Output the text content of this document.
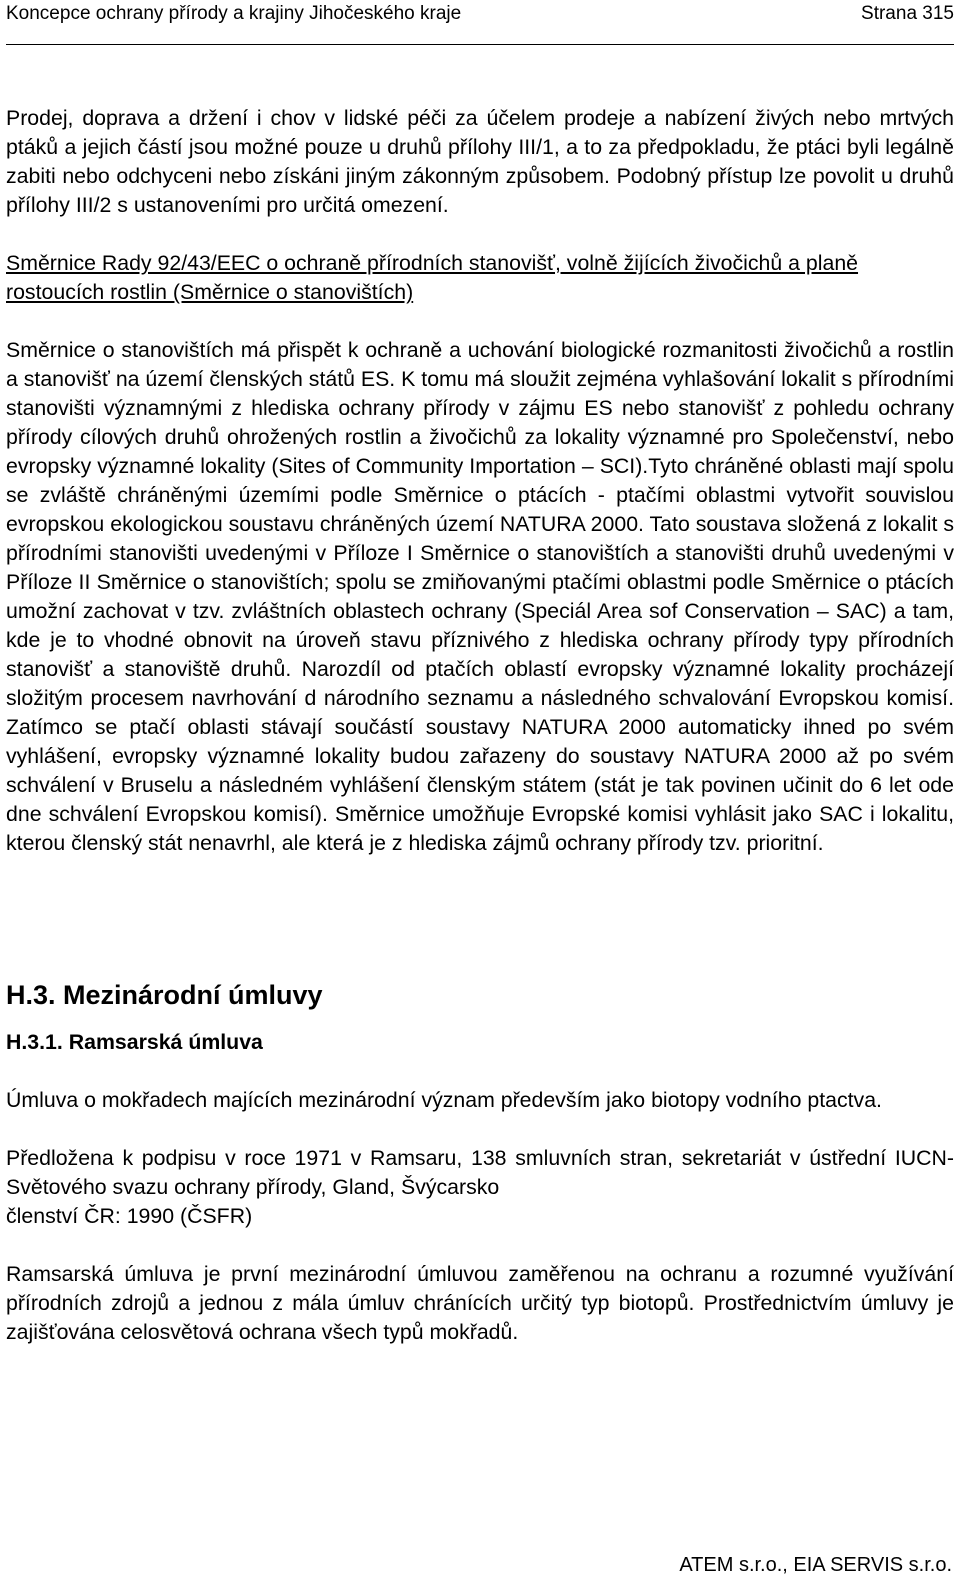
Koncepce ochrany přírody a krajiny Jihočeského kraje	Strana 315

Prodej, doprava a držení i chov v lidské péči za účelem prodeje a nabízení živých nebo mrtvých ptáků a jejich částí jsou možné pouze u druhů přílohy III/1, a to za předpokladu, že ptáci byli legálně zabiti nebo odchyceni nebo získáni jiným zákonným způsobem. Podobný přístup lze povolit u druhů přílohy III/2 s ustanoveními pro určitá omezení.

Směrnice Rady 92/43/EEC o ochraně přírodních stanovišť, volně žijících živočichů a planě rostoucích rostlin (Směrnice o stanovištích)

Směrnice o stanovištích má přispět k ochraně a uchování biologické rozmanitosti živočichů a rostlin a stanovišť na území členských států ES. K tomu má sloužit zejména vyhlašování lokalit s přírodními stanovišti významnými z hlediska ochrany přírody v zájmu ES nebo stanovišť z pohledu ochrany přírody cílových druhů ohrožených rostlin a živočichů za lokality významné pro Společenství, nebo evropsky významné lokality (Sites of Community Importation – SCI).Tyto chráněné oblasti mají spolu se zvláště chráněnými územími podle Směrnice o ptácích - ptačími oblastmi vytvořit souvislou evropskou ekologickou soustavu chráněných území NATURA 2000. Tato soustava složená z lokalit s přírodními stanovišti uvedenými v Příloze I Směrnice o stanovištích a stanovišti druhů uvedenými v Příloze II Směrnice o stanovištích; spolu se zmiňovanými ptačími oblastmi podle Směrnice o ptácích umožní zachovat v tzv. zvláštních oblastech ochrany (Speciál Area sof Conservation – SAC) a tam, kde je to vhodné obnovit na úroveň stavu příznivého z hlediska ochrany přírody typy přírodních stanovišť a stanoviště druhů. Narozdíl od ptačích oblastí evropsky významné lokality procházejí složitým procesem navrhování d národního seznamu a následného schvalování Evropskou komisí. Zatímco se ptačí oblasti stávají součástí soustavy NATURA 2000 automaticky ihned po svém vyhlášení, evropsky významné lokality budou zařazeny do soustavy NATURA 2000 až po svém schválení v Bruselu a následném vyhlášení členským státem (stát je tak povinen učinit do 6 let ode dne schválení Evropskou komisí). Směrnice umožňuje Evropské komisi vyhlásit jako SAC i lokalitu, kterou členský stát nenavrhl, ale která je z hlediska zájmů ochrany přírody tzv. prioritní.

H.3. Mezinárodní úmluvy
H.3.1. Ramsarská úmluva

Úmluva o mokřadech majících mezinárodní význam především jako biotopy vodního ptactva.

Předložena k podpisu v roce 1971 v Ramsaru, 138 smluvních stran, sekretariát v ústřední IUCN-Světového svazu ochrany přírody, Gland, Švýcarsko

členství ČR: 1990 (ČSFR)

Ramsarská úmluva je první mezinárodní úmluvou zaměřenou na ochranu a rozumné využívání přírodních zdrojů a jednou z mála úmluv chránících určitý typ biotopů. Prostřednictvím úmluvy je zajišťována celosvětová ochrana všech typů mokřadů.

ATEM s.r.o., EIA SERVIS s.r.o.
